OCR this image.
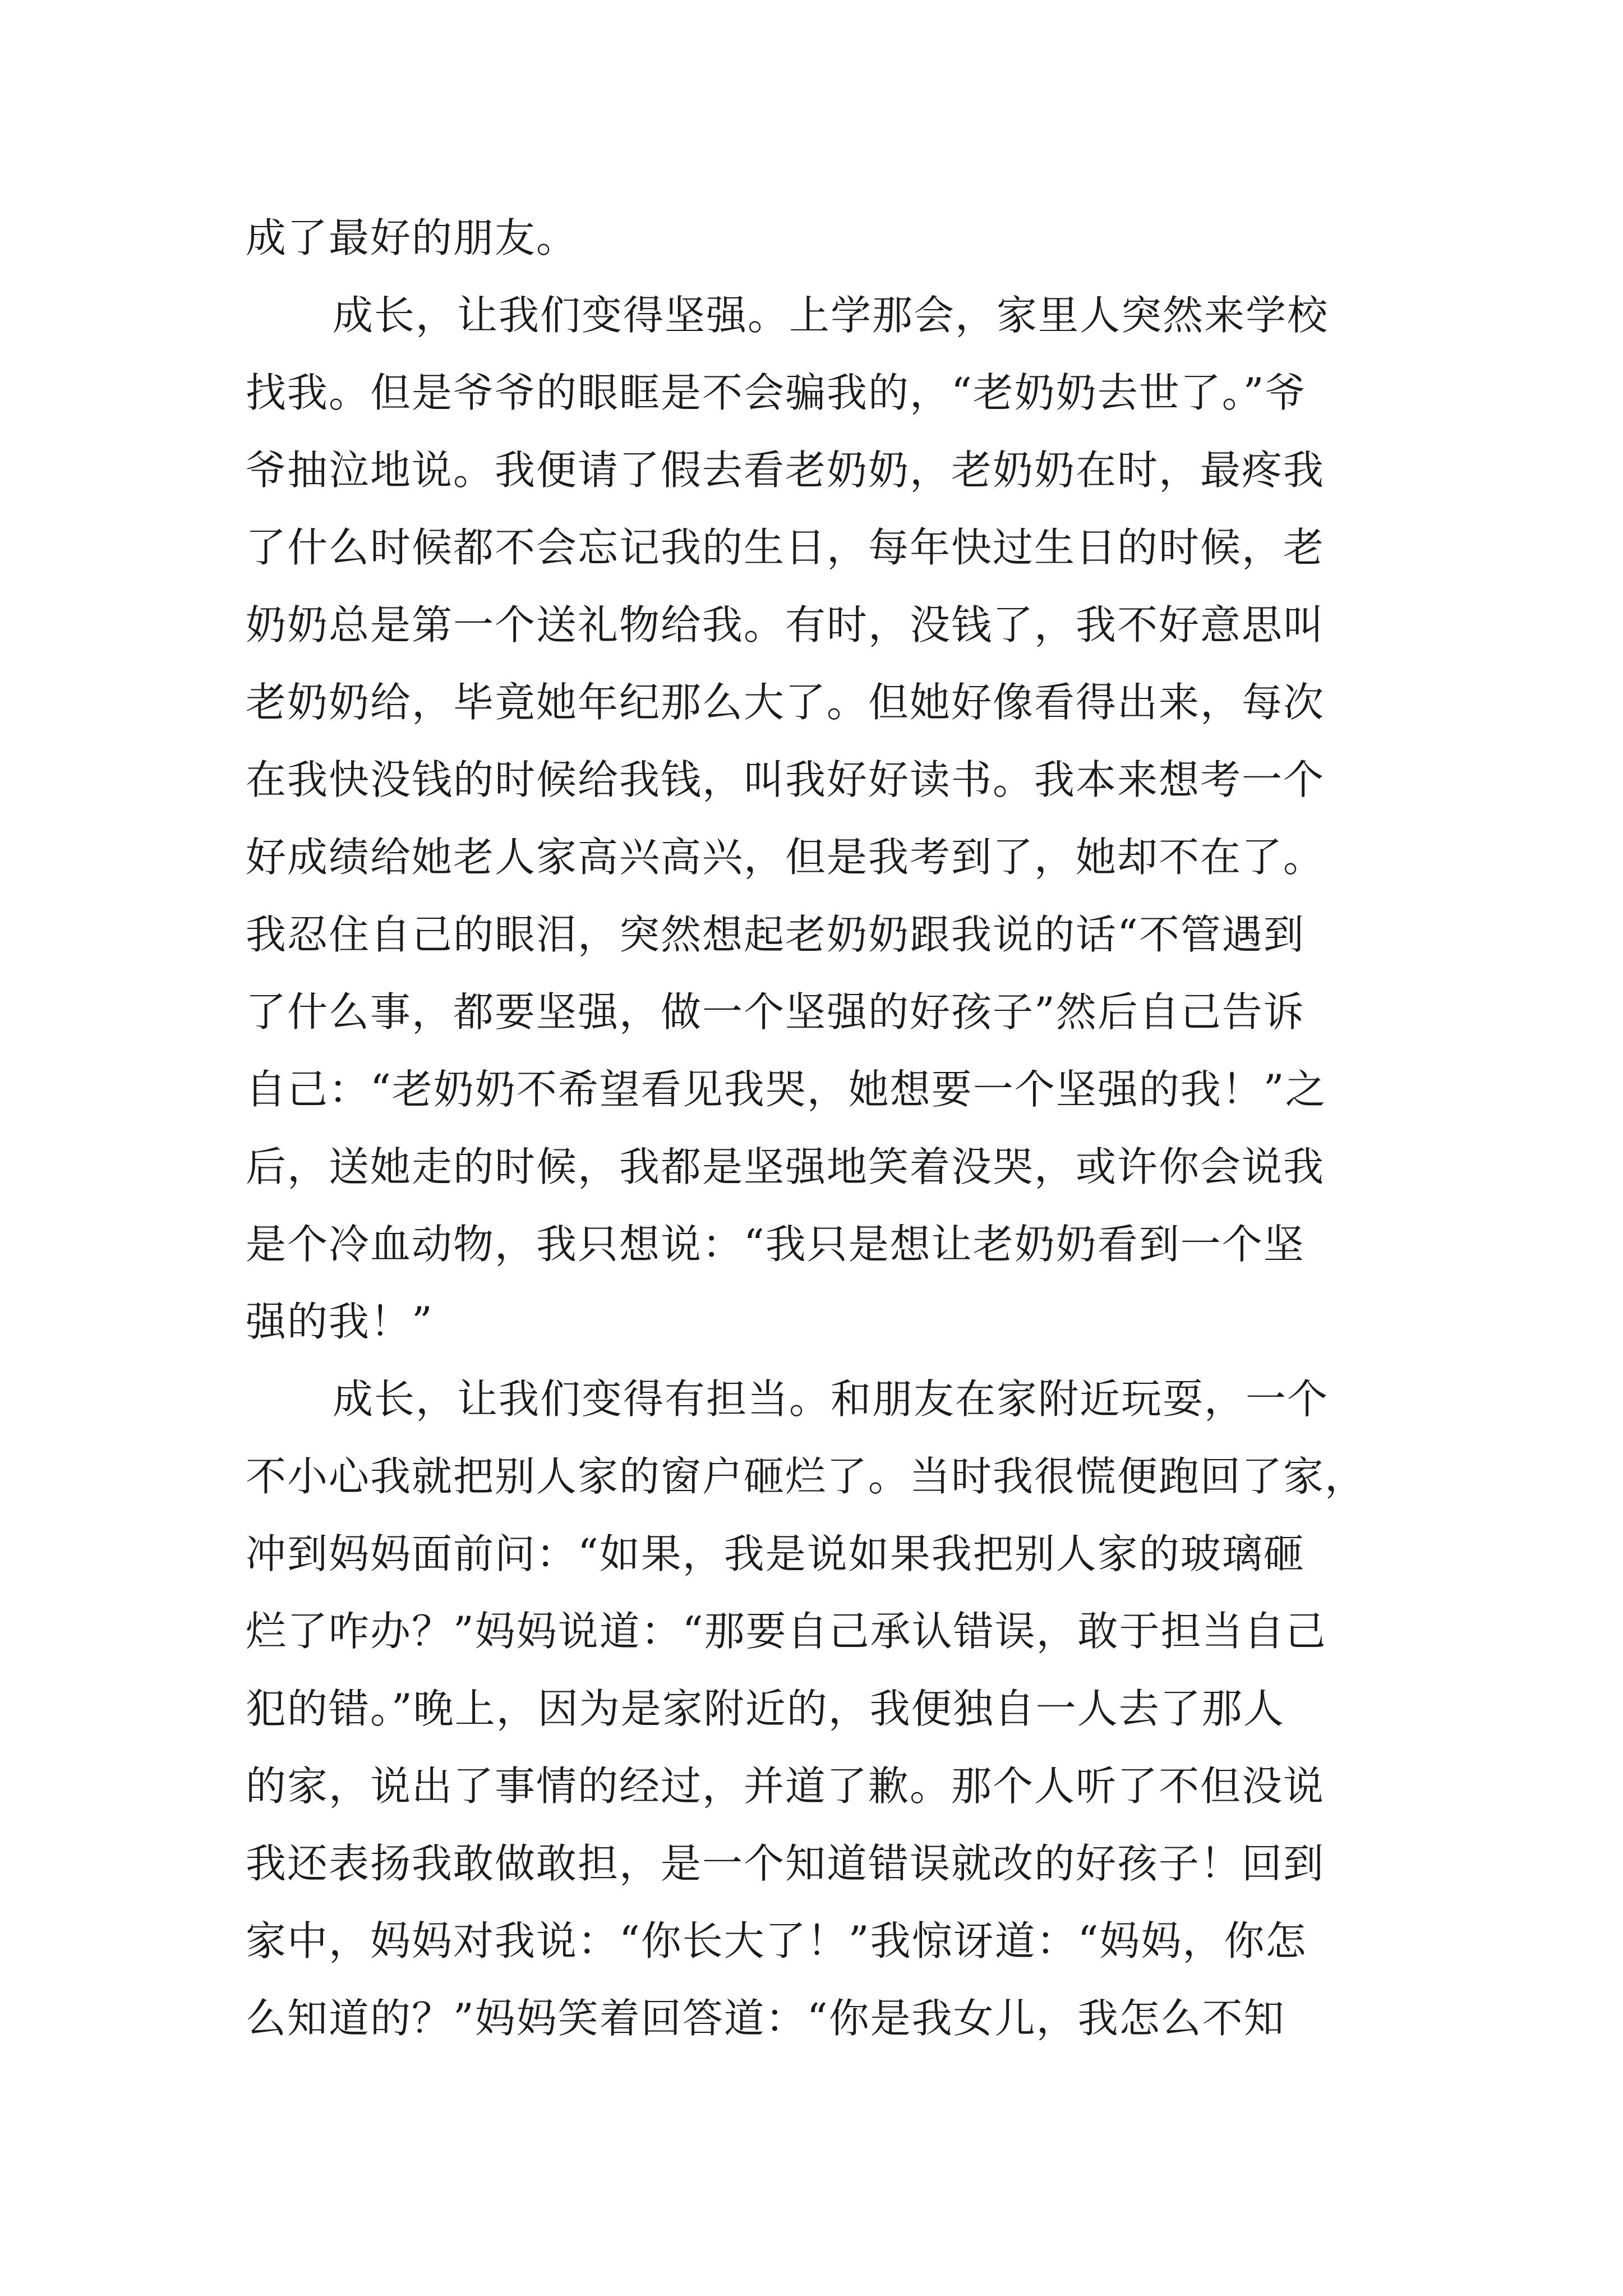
成了最好的朋友。
成长，让我们变得坚强。上学那会，家里人突然来学校
找我。但是爷爷的眼眶是不会骗我的，“老奶奶去世了。”爷
爷抽泣地说。我便请了假去看老奶奶，老奶奶在时，最疼我
了什么时候都不会忘记我的生日，每年快过生日的时候，老
奶奶总是第一个送礼物给我。有时，没钱了，我不好意思叫
老奶奶给，毕竟她年纪那么大了。但她好像看得出来，每次
在我快没钱的时候给我钱，叫我好好读书。我本来想考一个
好成绩给她老人家高兴高兴，但是我考到了，她却不在了。
我忍住自己的眼泪，突然想起老奶奶跟我说的话“不管遇到
了什么事，都要坚强，做一个坚强的好孩子”然后自己告诉
自己：“老奶奶不希望看见我哭，她想要一个坚强的我！”之
后，送她走的时候，我都是坚强地笑着没哭，或许你会说我
是个冷血动物，我只想说：“我只是想让老奶奶看到一个坚
强的我！”
成长，让我们变得有担当。和朋友在家附近玩耍，一个
不小心我就把别人家的窗户砸烂了。当时我很慌便跑回了家，
冲到妈妈面前问：“如果，我是说如果我把别人家的玻璃砸
烂了咋办？”妈妈说道：“那要自己承认错误，敢于担当自己
犯的错。”晚上，因为是家附近的，我便独自一人去了那人
的家，说出了事情的经过，并道了歉。那个人听了不但没说
我还表扬我敢做敢担，是一个知道错误就改的好孩子！回到
家中，妈妈对我说：“你长大了！”我惊讶道：“妈妈，你怎
么知道的？”妈妈笑着回答道：“你是我女儿，我怎么不知
